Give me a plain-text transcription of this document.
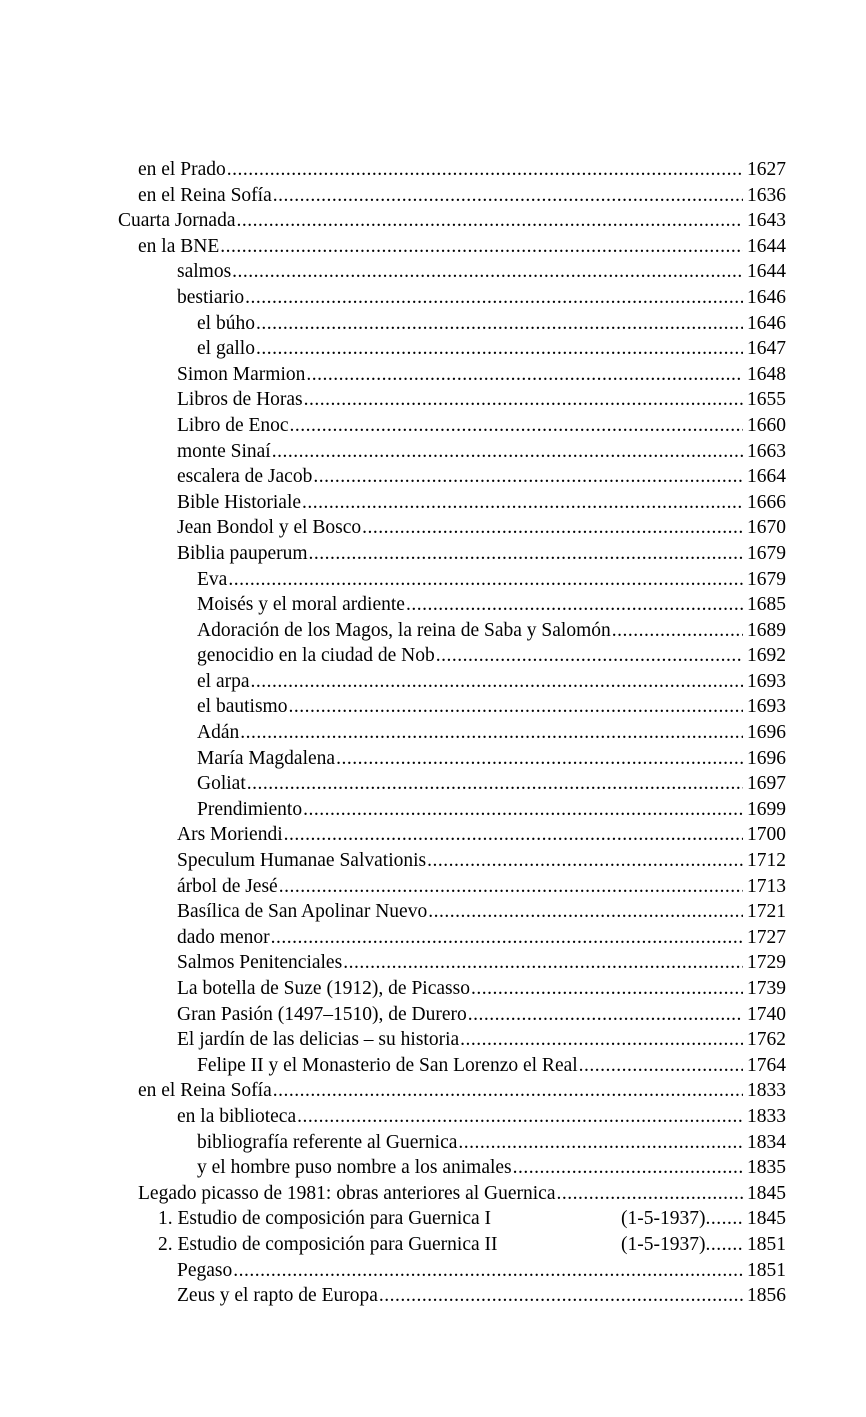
en el Prado .....	1627
en el Reina Sofía .....	1636
Cuarta Jornada .....	1643
en la BNE .....	1644
salmos .....	1644
bestiario .....	1646
el búho .....	1646
el gallo .....	1647
Simon Marmion .....	1648
Libros de Horas .....	1655
Libro de Enoc .....	1660
monte Sinaí .....	1663
escalera de Jacob .....	1664
Bible Historiale .....	1666
Jean Bondol y el Bosco .....	1670
Biblia pauperum .....	1679
Eva .....	1679
Moisés y el moral ardiente .....	1685
Adoración de los Magos, la reina de Saba y Salomón .....	1689
genocidio en la ciudad de Nob .....	1692
el arpa .....	1693
el bautismo .....	1693
Adán .....	1696
María Magdalena .....	1696
Goliat .....	1697
Prendimiento .....	1699
Ars Moriendi .....	1700
Speculum Humanae Salvationis .....	1712
árbol de Jesé .....	1713
Basílica de San Apolinar Nuevo .....	1721
dado menor .....	1727
Salmos Penitenciales .....	1729
La botella de Suze (1912), de Picasso .....	1739
Gran Pasión (1497–1510), de Durero .....	1740
El jardín de las delicias – su historia .....	1762
Felipe II y el Monasterio de San Lorenzo el Real .....	1764
en el Reina Sofía .....	1833
en la biblioteca .....	1833
bibliografía referente al Guernica .....	1834
y el hombre puso nombre a los animales .....	1835
Legado picasso de 1981: obras anteriores al Guernica .....	1845
1. Estudio de composición para Guernica I	(1-5-1937) ..... 1845
2. Estudio de composición para Guernica II	(1-5-1937) ..... 1851
Pegaso .....	1851
Zeus y el rapto de Europa .....	1856
